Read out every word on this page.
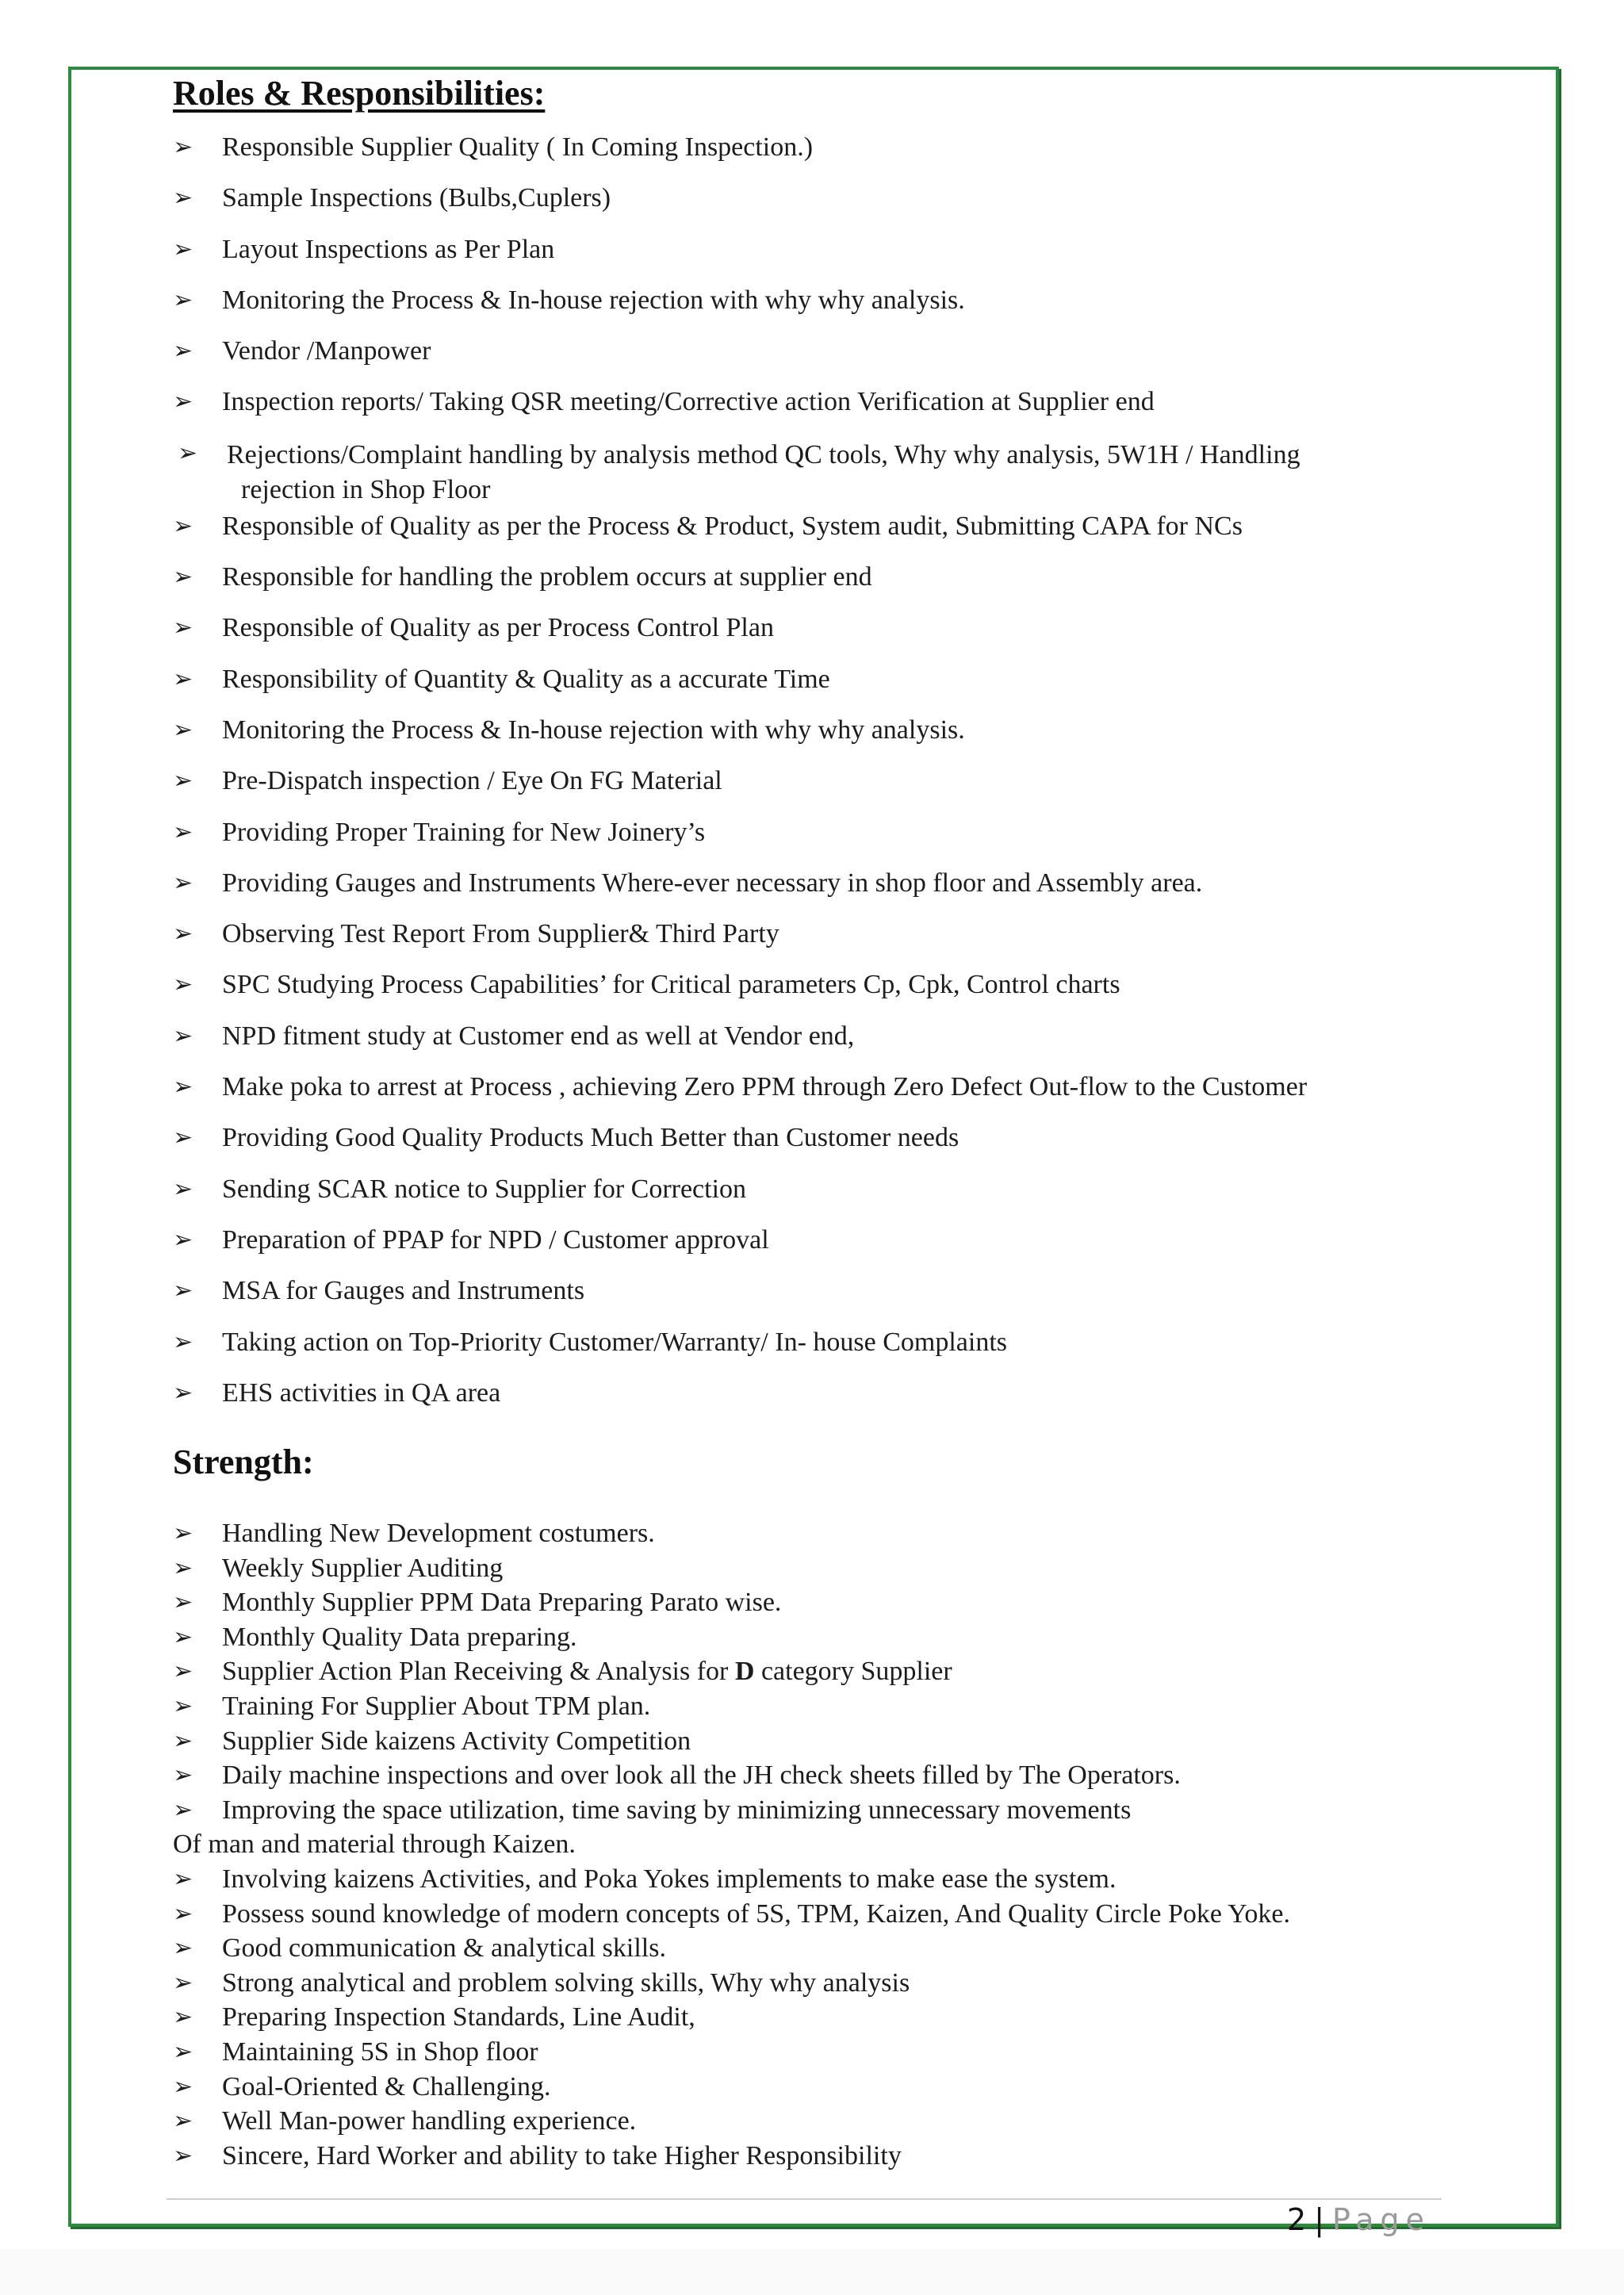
Roles & Responsibilities:
➢	Responsible Supplier Quality ( In Coming Inspection.)
➢	Sample Inspections (Bulbs,Cuplers)
➢	Layout Inspections as Per Plan
➢	Monitoring the Process & In-house rejection with why why analysis.
➢	Vendor /Manpower
➢	Inspection reports/ Taking QSR meeting/Corrective action Verification at Supplier end
➢	Rejections/Complaint handling by analysis method QC tools, Why why analysis, 5W1H / Handling
rejection in Shop Floor
➢	Responsible of Quality as per the Process & Product, System audit, Submitting CAPA for NCs
➢	Responsible for handling the problem occurs at supplier end
➢	Responsible of Quality as per Process Control Plan
➢	Responsibility of Quantity & Quality as a accurate Time
➢	Monitoring the Process & In-house rejection with why why analysis.
➢	Pre-Dispatch inspection / Eye On FG Material
➢	Providing Proper Training for New Joinery’s
➢	Providing Gauges and Instruments Where-ever necessary in shop floor and Assembly area.
➢	Observing Test Report From Supplier& Third Party
➢	SPC Studying Process Capabilities’ for Critical parameters Cp, Cpk, Control charts
➢	NPD fitment study at Customer end as well at Vendor end,
➢	Make poka to arrest at Process , achieving Zero PPM through Zero Defect Out-flow to the Customer
➢	Providing Good Quality Products Much Better than Customer needs
➢	Sending SCAR notice to Supplier for Correction
➢	Preparation of PPAP for NPD / Customer approval
➢	MSA for Gauges and Instruments
➢	Taking action on Top-Priority Customer/Warranty/ In- house Complaints
➢	EHS activities in QA area
Strength:
➢	Handling New Development costumers.
➢	Weekly Supplier Auditing
➢	Monthly Supplier PPM Data Preparing Parato wise.
➢	Monthly Quality Data preparing.
➢	Supplier Action Plan Receiving & Analysis for D category Supplier
➢	Training For Supplier About TPM plan.
➢	Supplier Side kaizens Activity Competition
➢	Daily machine inspections and over look all the JH check sheets filled by The Operators.
➢	Improving the space utilization, time saving by minimizing unnecessary movements
Of man and material through Kaizen.
➢	Involving kaizens Activities, and Poka Yokes implements to make ease the system.
➢	Possess sound knowledge of modern concepts of 5S, TPM, Kaizen, And Quality Circle Poke Yoke.
➢	Good communication & analytical skills.
➢	Strong analytical and problem solving skills, Why why analysis
➢	Preparing Inspection Standards, Line Audit,
➢	Maintaining 5S in Shop floor
➢	Goal-Oriented & Challenging.
➢	Well Man-power handling experience.
➢	Sincere, Hard Worker and ability to take Higher Responsibility
2 | Page
